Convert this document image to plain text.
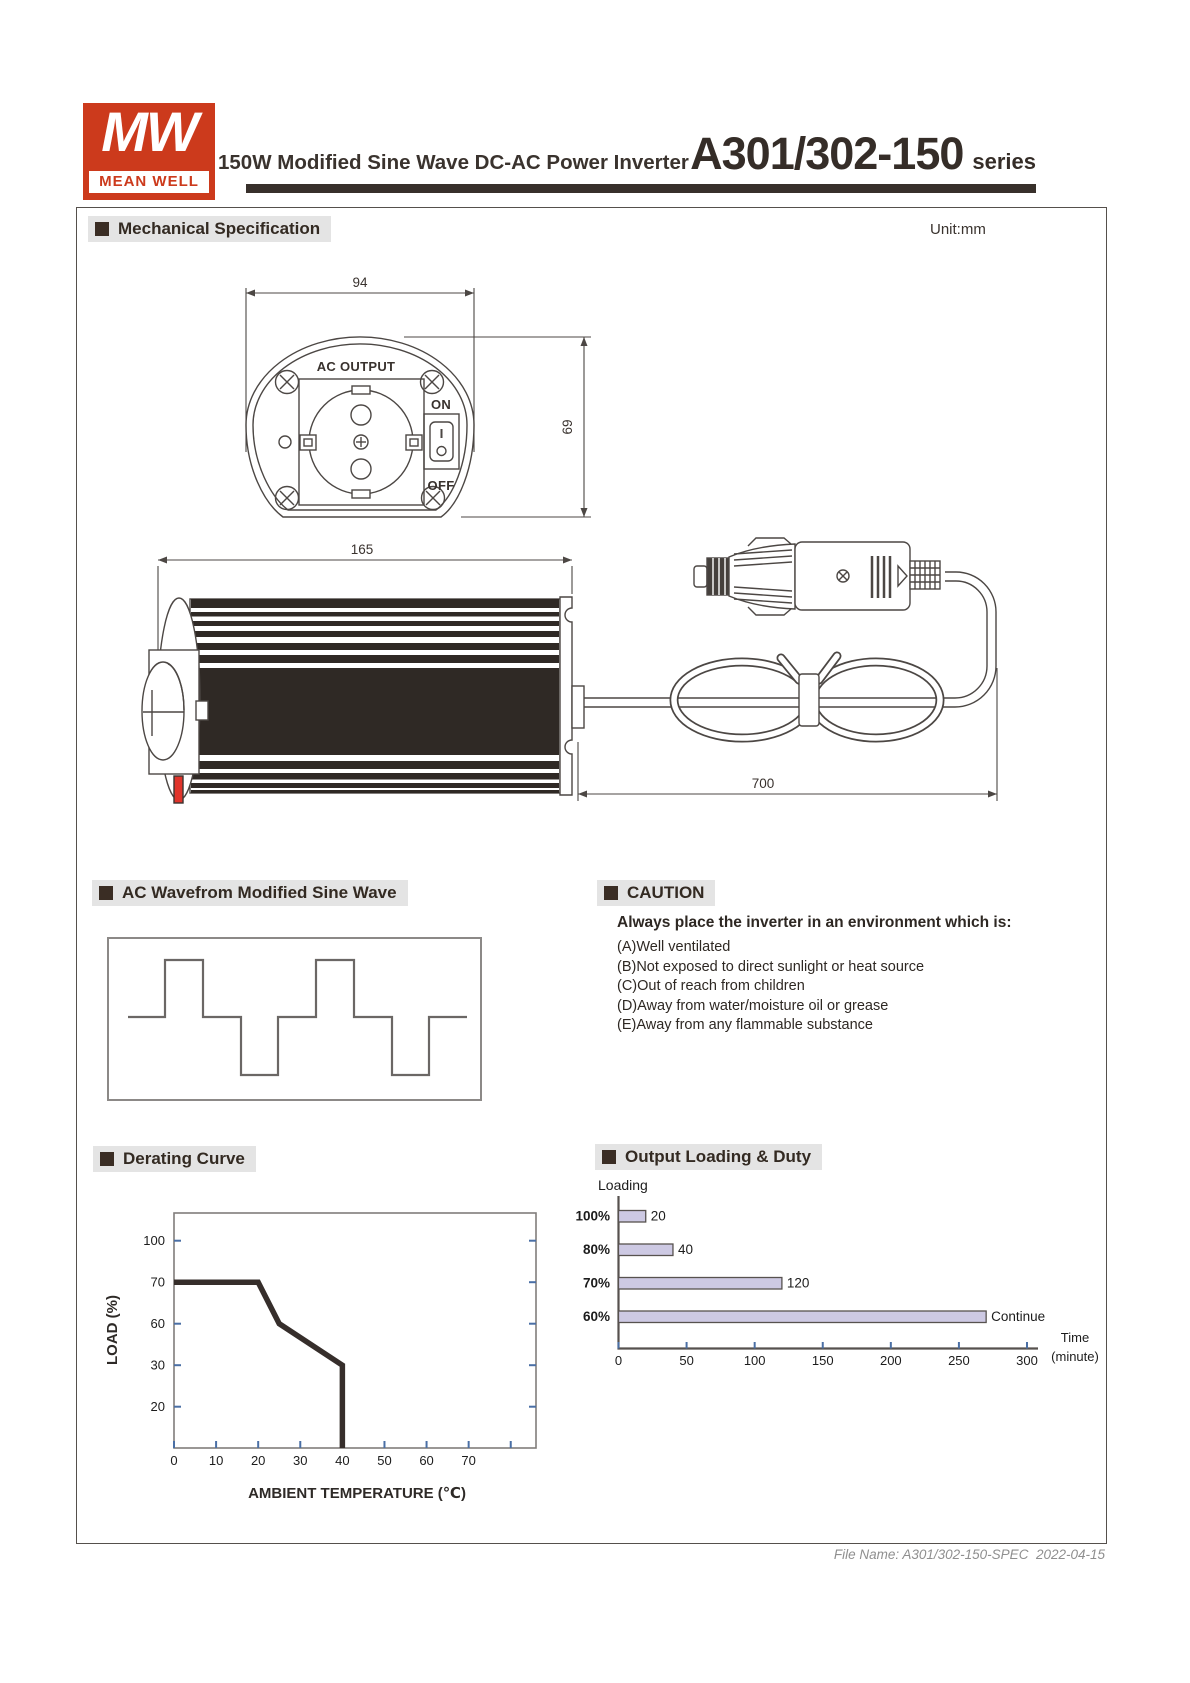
MW
MEAN WELL
150W Modified Sine Wave DC-AC Power Inverter A301/302-150 series
Mechanical Specification	Unit:mm
AC Wavefrom Modified Sine Wave	CAUTION
Derating Curve	Output Loading & Duty
94
69
AC OUTPUT
ON
OFF
165
700
Always place the inverter in an environment which is:
(A)Well ventilated
(B)Not exposed to direct sunlight or heat source
(C)Out of reach from children
(D)Away from water/moisture oil or grease
(E)Away from any flammable substance
LOAD (%)
AMBIENT TEMPERATURE (℃)
100
70
60
30
20
0 10 20 30 40 50 60 70
Loading
Time
(minute)
100%	20
80%	40
70%	120
60%	Continue
0	50	100	150	200	250	300
File Name: A301/302-150-SPEC  2022-04-15
